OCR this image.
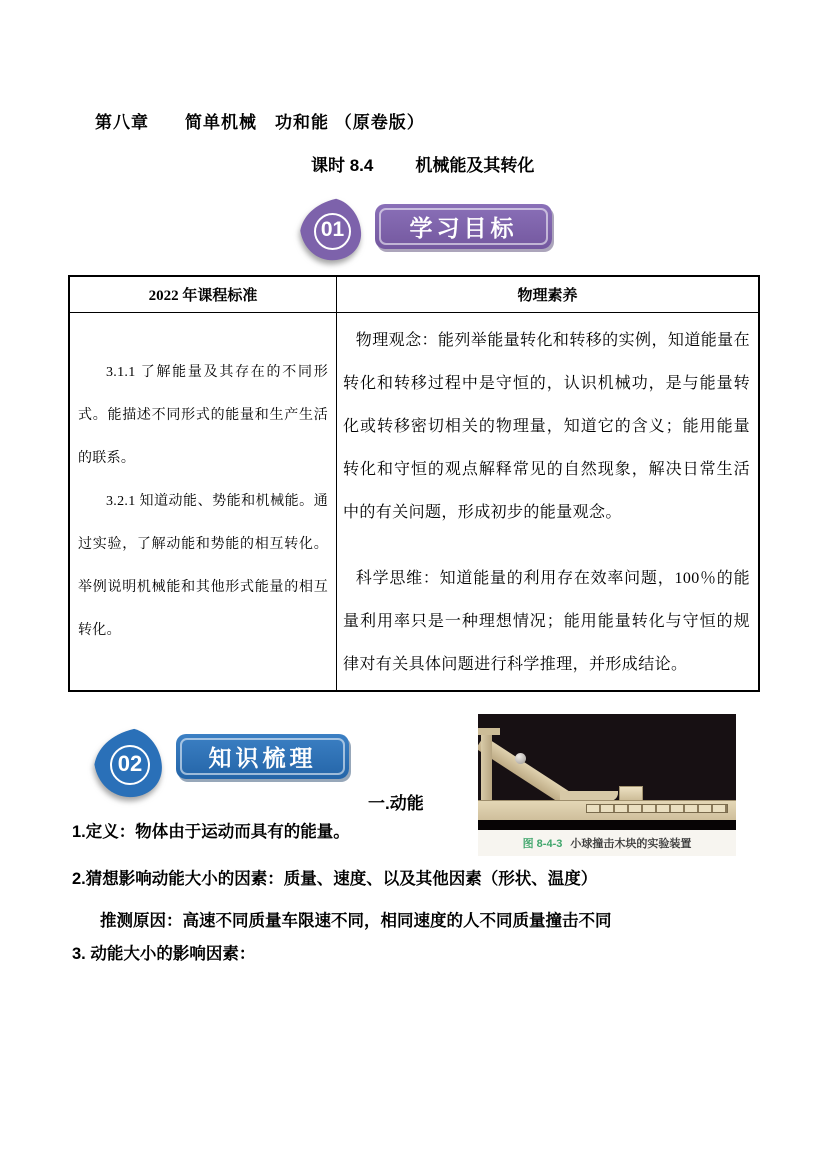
第八章　　简单机械　功和能 （原卷版）
课时 8.4 机械能及其转化
01	学习目标
2022 年课程标准	物理素养

3.1.1 了解能量及其存在的不同形式。能描述不同形式的能量和生产生活的联系。

3.2.1 知道动能、势能和机械能。通过实验，了解动能和势能的相互转化。举例说明机械能和其他形式能量的相互转化。

物理观念：能列举能量转化和转移的实例，知道能量在转化和转移过程中是守恒的，认识机械功，是与能量转化或转移密切相关的物理量，知道它的含义；能用能量转化和守恒的观点解释常见的自然现象，解决日常生活中的有关问题，形成初步的能量观念。

科学思维：知道能量的利用存在效率问题，100％的能量利用率只是一种理想情况；能用能量转化与守恒的规律对有关具体问题进行科学推理，并形成结论。

02	知识梳理
图 8-4-3 小球撞击木块的实验装置
一.动能
1.定义：物体由于运动而具有的能量。
2.猜想影响动能大小的因素：质量、速度、以及其他因素（形状、温度）
推测原因：高速不同质量车限速不同，相同速度的人不同质量撞击不同
3. 动能大小的影响因素：
